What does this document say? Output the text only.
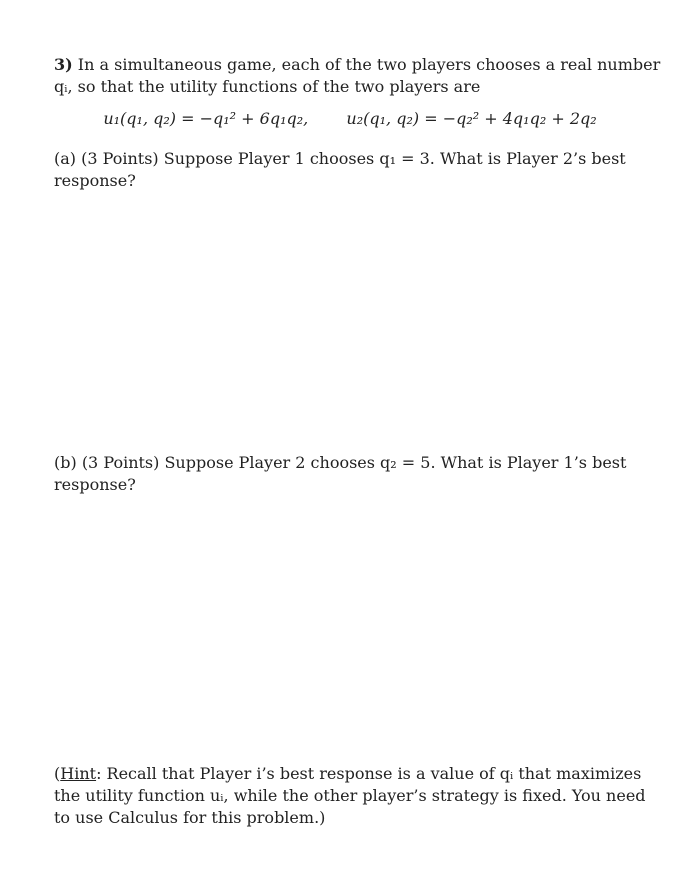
3) In a simultaneous game, each of the two players chooses a real number qᵢ, so that the utility functions of the two players are
u₁(q₁, q₂) = −q₁² + 6q₁q₂, u₂(q₁, q₂) = −q₂² + 4q₁q₂ + 2q₂
(a) (3 Points) Suppose Player 1 chooses q₁ = 3. What is Player 2’s best response?
(b) (3 Points) Suppose Player 2 chooses q₂ = 5. What is Player 1’s best response?
(Hint: Recall that Player i’s best response is a value of qᵢ that maximizes the utility function uᵢ, while the other player’s strategy is fixed. You need to use Calculus for this problem.)
